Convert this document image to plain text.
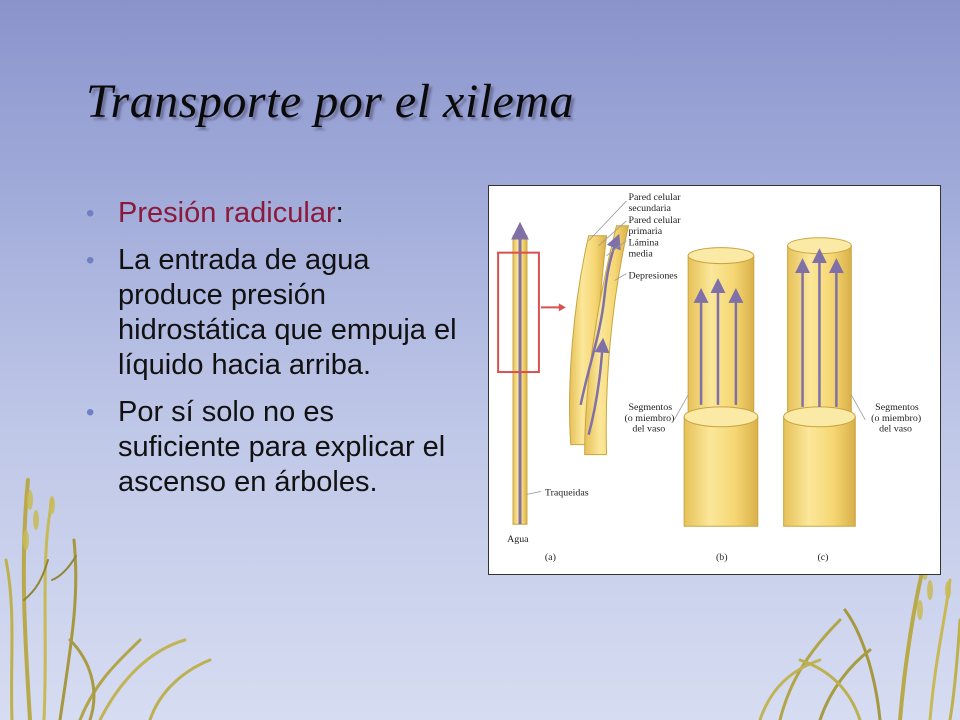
Transporte por el xilema
• Presión radicular:
• La entrada de agua produce presión hidrostática que empuja el líquido hacia arriba.
• Por sí solo no es suficiente para explicar el ascenso en árboles.
Pared celular
secundaria
Pared celular
primaria
Lámina
media
Depresiones
Segmentos
(o miembro)
del vaso
Segmentos
(o miembro)
del vaso
Traqueidas
Agua
(a)	(b)	(c)
